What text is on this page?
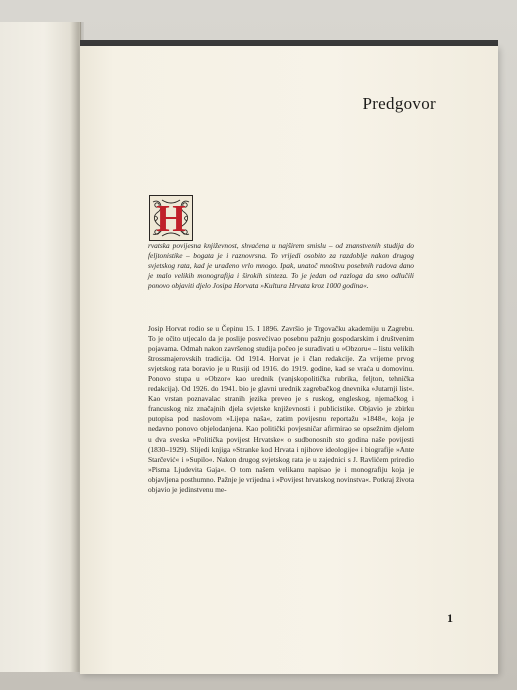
Predgovor
H
rvatska povijesna književnost, shvaćena u najširem smislu – od znanstvenih studija do feljtonistike – bogata je i raznovrsna. To vrijedi osobito za razdoblje nakon drugog svjetskog rata, kad je urađeno vrlo mnogo. Ipak, unatoč mnoštvu posebnih radova dano je malo velikih monografija i širokih sinteza. To je jedan od razloga da smo odlučili ponovo objaviti djelo Josipa Horvata »Kultura Hrvata kroz 1000 godina«.
Josip Horvat rodio se u Čepinu 15. I 1896. Završio je Trgovačku akademiju u Zagrebu. To je očito utjecalo da je poslije posvećivao posebnu pažnju gospodarskim i društvenim pojavama. Odmah nakon završenog studija počeo je surađivati u »Obzoru« – listu velikih štrossmajerovskih tradicija. Od 1914. Horvat je i član redakcije. Za vrijeme prvog svjetskog rata boravio je u Rusiji od 1916. do 1919. godine, kad se vraća u domovinu. Ponovo stupa u »Obzor« kao urednik (vanjskopolitička rubrika, feljton, tehnička redakcija). Od 1926. do 1941. bio je glavni urednik zagrebačkog dnevnika »Jutarnji list«. Kao vrstan poznavalac stranih jezika prevео je s ruskog, engleskog, njemačkog i francuskog niz značajnih djela svjetske književnosti i publicistike. Objavio je zbirku putopisa pod naslovom »Lijepa naša«, zatim povijesnu reportažu »1848«, koja je nedavno ponovo objelodanjena. Kao politički povjesničar afirmirao se opsežnim djelom u dva sveska »Politička povijest Hrvatske« o sudbonosnih sto godina naše povijesti (1830–1929). Slijedi knjiga »Stranke kod Hrvata i njihove ideologije« i biografije »Ante Starčević« i »Supilo«. Nakon drugog svjetskog rata je u zajednici s J. Ravlićem priredio »Pisma Ljudevita Gaja«. O tom našem velikanu napisao je i monografiju koja je objavljena posthumno. Pažnje je vrijedna i »Povijest hrvatskog novinstva«. Potkraj života objavio je jedinstvenu me-
1
